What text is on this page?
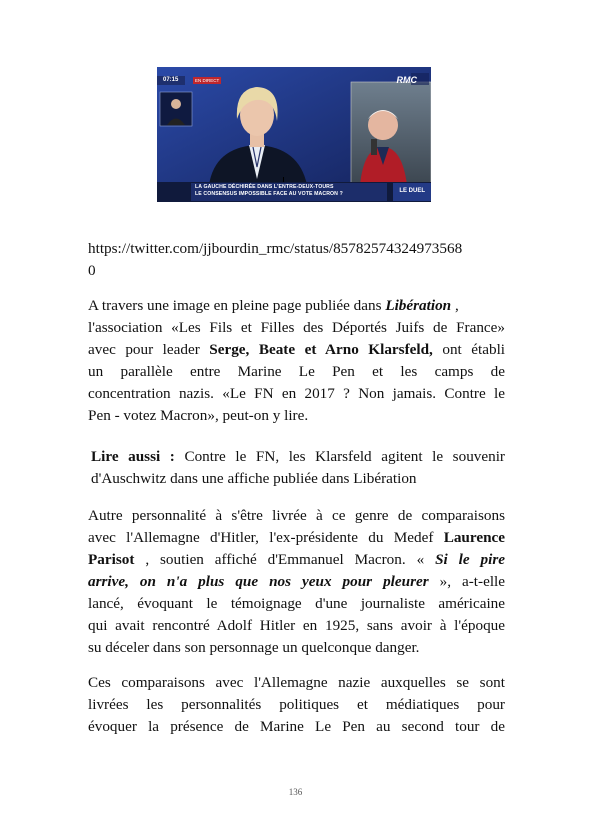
07:15	EN DIRECT	RMC
LA GAUCHE DÉCHIRÉE DANS L'ENTRE-DEUX-TOURS
LE CONSENSUS IMPOSSIBLE FACE AU VOTE MACRON ?	LE DUEL
https://twitter.com/jjbourdin_rmc/status/85782574324973568
0
A travers une image en pleine page publiée dans Libération ,
l'association «Les Fils et Filles des Déportés Juifs de France»
avec pour leader Serge, Beate et Arno Klarsfeld, ont établi
un parallèle entre Marine Le Pen et les camps de
concentration nazis. «Le FN en 2017 ? Non jamais. Contre le
Pen - votez Macron», peut-on y lire.
Lire aussi : Contre le FN, les Klarsfeld agitent le souvenir
d'Auschwitz dans une affiche publiée dans Libération
Autre personnalité à s'être livrée à ce genre de comparaisons
avec l'Allemagne d'Hitler, l'ex-présidente du Medef Laurence
Parisot , soutien affiché d'Emmanuel Macron. « Si le pire
arrive, on n'a plus que nos yeux pour pleurer », a-t-elle
lancé, évoquant le témoignage d'une journaliste américaine
qui avait rencontré Adolf Hitler en 1925, sans avoir à l'époque
su déceler dans son personnage un quelconque danger.
Ces comparaisons avec l'Allemagne nazie auxquelles se sont
livrées les personnalités politiques et médiatiques pour
évoquer la présence de Marine Le Pen au second tour de
136
